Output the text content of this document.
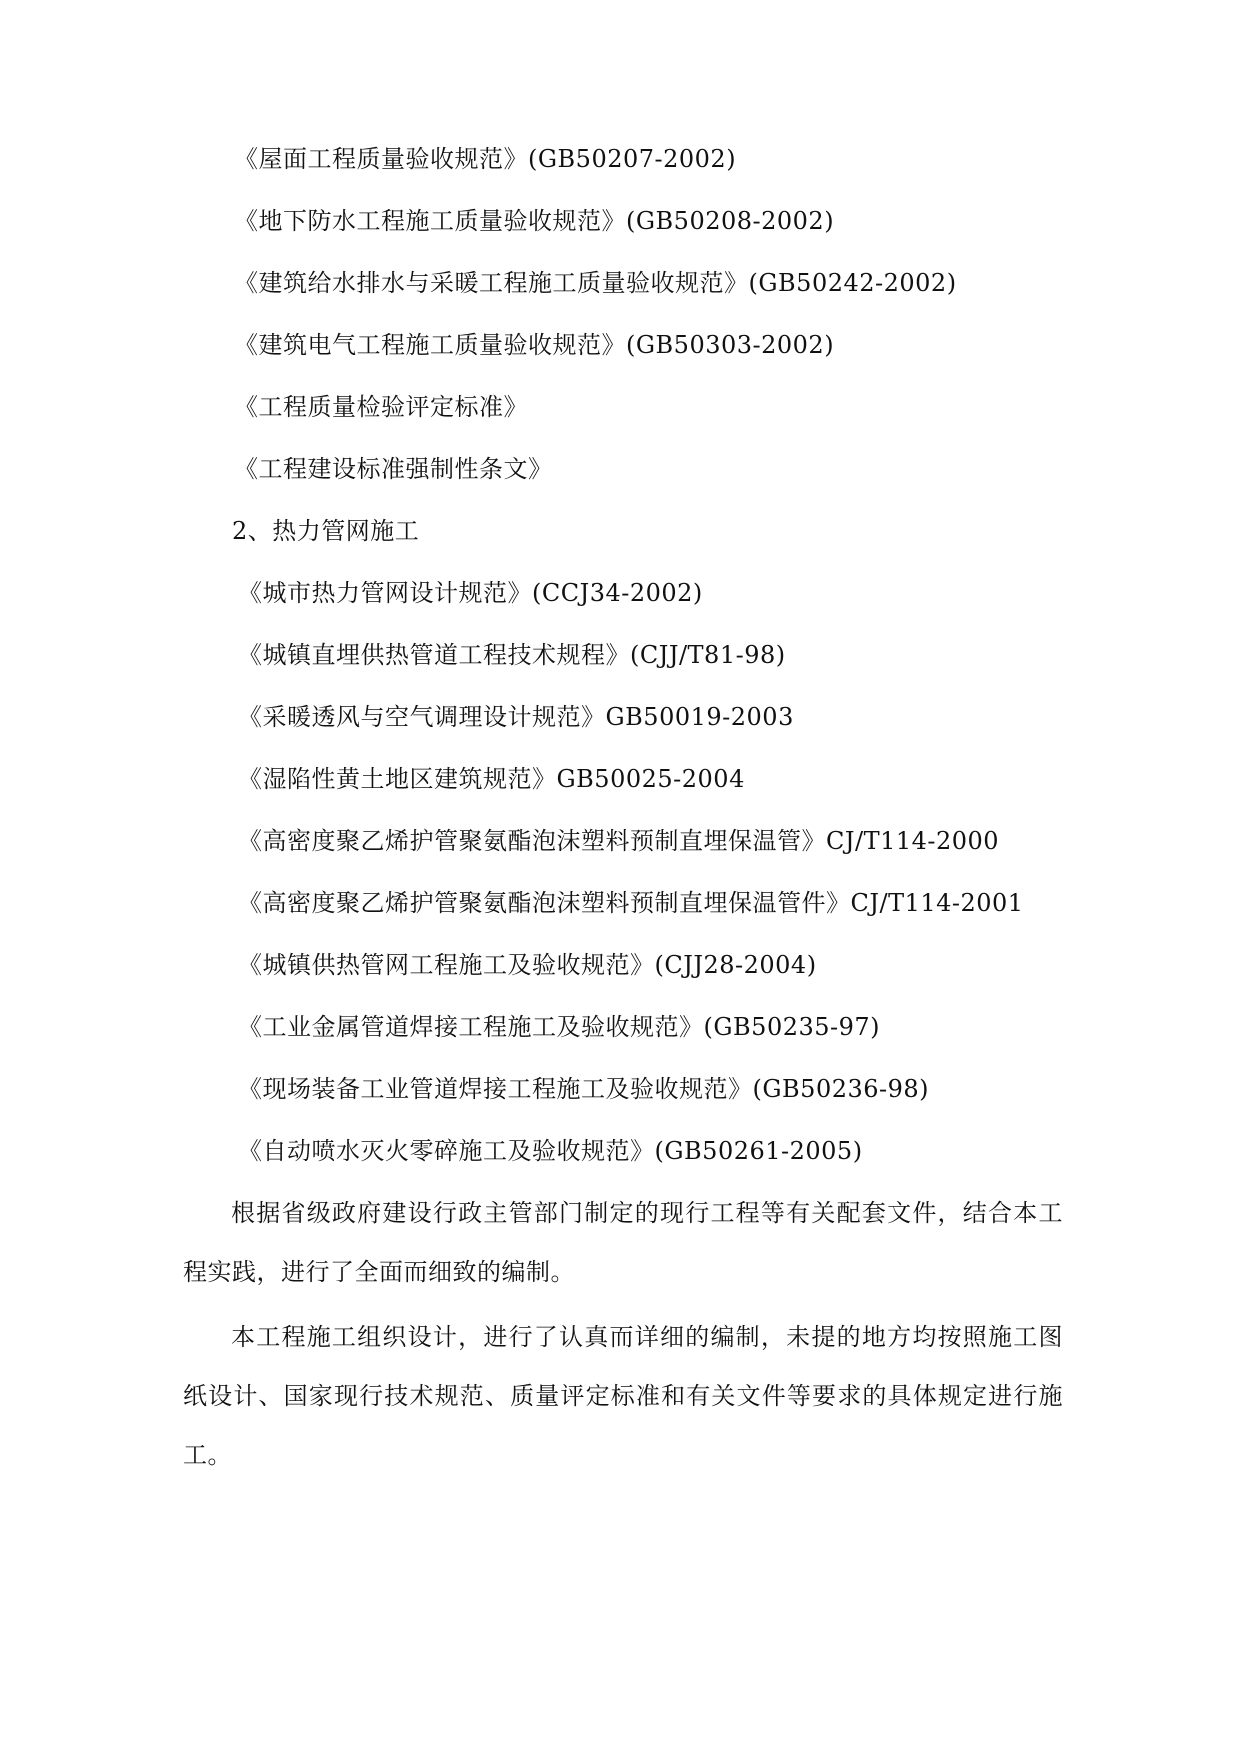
《屋面工程质量验收规范》(GB50207-2002)
《地下防水工程施工质量验收规范》(GB50208-2002)
《建筑给水排水与采暖工程施工质量验收规范》(GB50242-2002)
《建筑电气工程施工质量验收规范》(GB50303-2002)
《工程质量检验评定标准》
《工程建设标准强制性条文》
2、热力管网施工
《城市热力管网设计规范》(CCJ34-2002)
《城镇直埋供热管道工程技术规程》(CJJ/T81-98)
《采暖透风与空气调理设计规范》GB50019-2003
《湿陷性黄土地区建筑规范》GB50025-2004
《高密度聚乙烯护管聚氨酯泡沫塑料预制直埋保温管》CJ/T114-2000
《高密度聚乙烯护管聚氨酯泡沫塑料预制直埋保温管件》CJ/T114-2001
《城镇供热管网工程施工及验收规范》(CJJ28-2004)
《工业金属管道焊接工程施工及验收规范》(GB50235-97)
《现场装备工业管道焊接工程施工及验收规范》(GB50236-98)
《自动喷水灭火零碎施工及验收规范》(GB50261-2005)
根据省级政府建设行政主管部门制定的现行工程等有关配套文件，结合本工程实践，进行了全面而细致的编制。
本工程施工组织设计，进行了认真而详细的编制，未提的地方均按照施工图纸设计、国家现行技术规范、质量评定标准和有关文件等要求的具体规定进行施工。
